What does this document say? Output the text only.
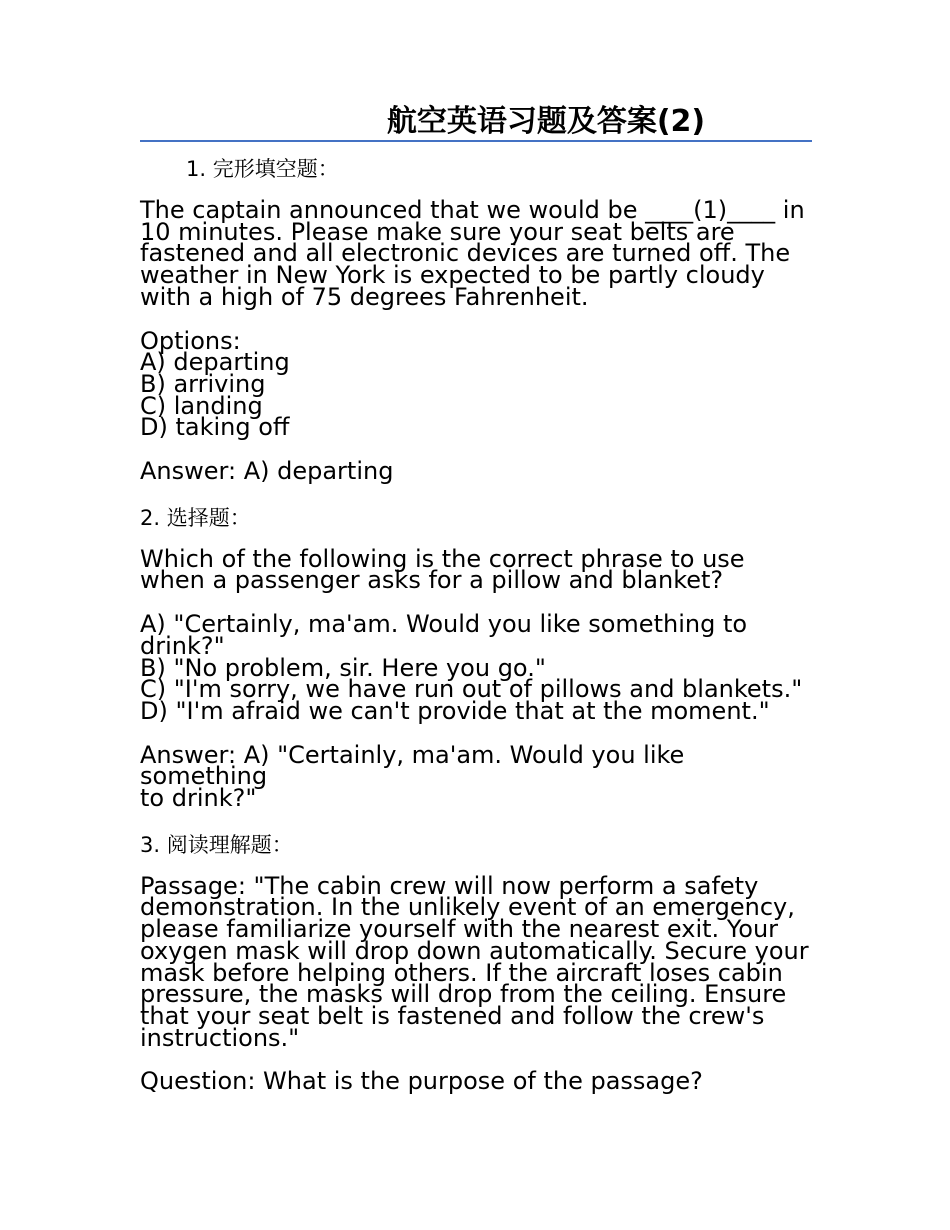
航空英语习题及答案(2)

1. 完形填空题：

The captain announced that we would be ____(1)____ in
10 minutes. Please make sure your seat belts are
fastened and all electronic devices are turned off. The
weather in New York is expected to be partly cloudy
with a high of 75 degrees Fahrenheit.

Options:
A) departing
B) arriving
C) landing
D) taking off

Answer: A) departing

2. 选择题：

Which of the following is the correct phrase to use
when a passenger asks for a pillow and blanket?

A) "Certainly, ma'am. Would you like something to
drink?"
B) "No problem, sir. Here you go."
C) "I'm sorry, we have run out of pillows and blankets."
D) "I'm afraid we can't provide that at the moment."

Answer: A) "Certainly, ma'am. Would you like something
to drink?"

3. 阅读理解题：

Passage: "The cabin crew will now perform a safety
demonstration. In the unlikely event of an emergency,
please familiarize yourself with the nearest exit. Your
oxygen mask will drop down automatically. Secure your
mask before helping others. If the aircraft loses cabin
pressure, the masks will drop from the ceiling. Ensure
that your seat belt is fastened and follow the crew's
instructions."

Question: What is the purpose of the passage?
